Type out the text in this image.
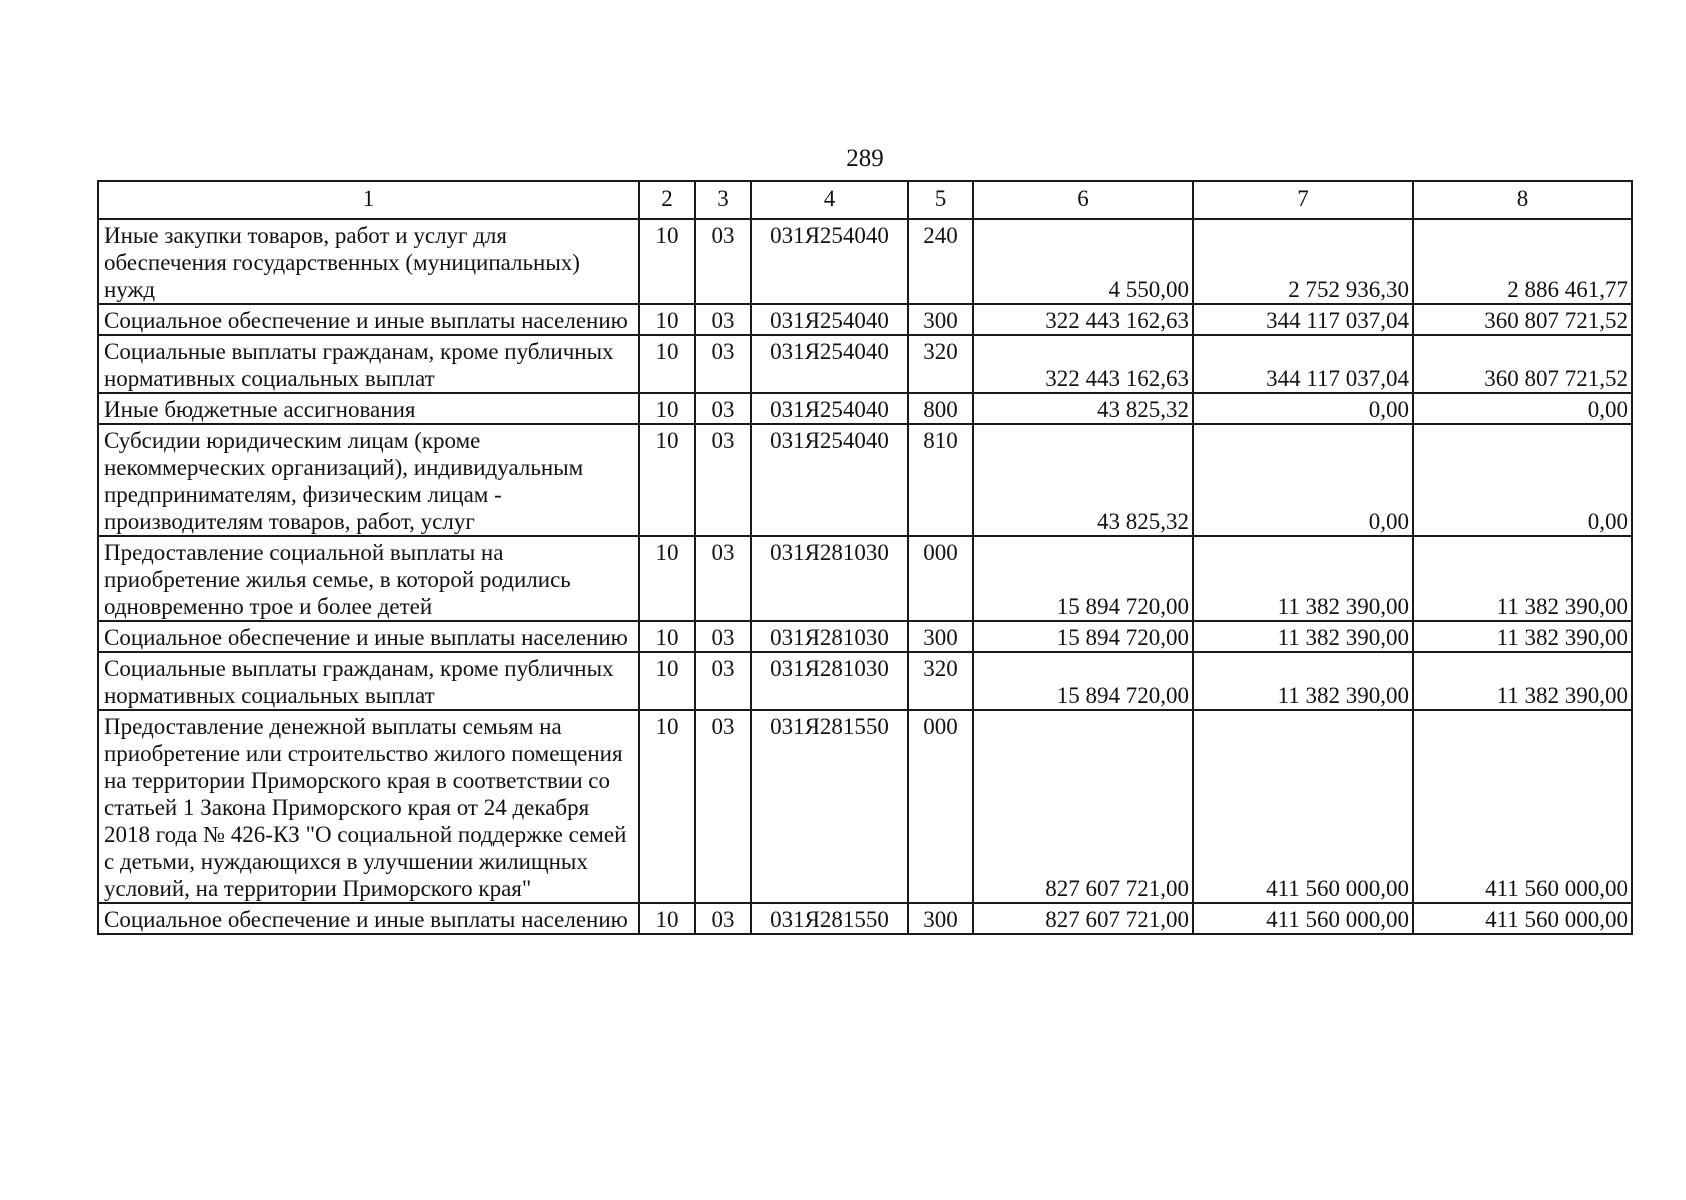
289
1	2	3	4	5	6	7	8
Иные закупки товаров, работ и услуг для обеспечения государственных (муниципальных) нужд	10	03	031Я254040	240	4 550,00	2 752 936,30	2 886 461,77
Социальное обеспечение и иные выплаты населению	10	03	031Я254040	300	322 443 162,63	344 117 037,04	360 807 721,52
Социальные выплаты гражданам, кроме публичных нормативных социальных выплат	10	03	031Я254040	320	322 443 162,63	344 117 037,04	360 807 721,52
Иные бюджетные ассигнования	10	03	031Я254040	800	43 825,32	0,00	0,00
Субсидии юридическим лицам (кроме некоммерческих организаций), индивидуальным предпринимателям, физическим лицам - производителям товаров, работ, услуг	10	03	031Я254040	810	43 825,32	0,00	0,00
Предоставление социальной выплаты на приобретение жилья семье, в которой родились одновременно трое и более детей	10	03	031Я281030	000	15 894 720,00	11 382 390,00	11 382 390,00
Социальное обеспечение и иные выплаты населению	10	03	031Я281030	300	15 894 720,00	11 382 390,00	11 382 390,00
Социальные выплаты гражданам, кроме публичных нормативных социальных выплат	10	03	031Я281030	320	15 894 720,00	11 382 390,00	11 382 390,00
Предоставление денежной выплаты семьям на приобретение или строительство жилого помещения на территории Приморского края в соответствии со статьей 1 Закона Приморского края от 24 декабря 2018 года № 426-КЗ "О социальной поддержке семей с детьми, нуждающихся в улучшении жилищных условий, на территории Приморского края"	10	03	031Я281550	000	827 607 721,00	411 560 000,00	411 560 000,00
Социальное обеспечение и иные выплаты населению	10	03	031Я281550	300	827 607 721,00	411 560 000,00	411 560 000,00
